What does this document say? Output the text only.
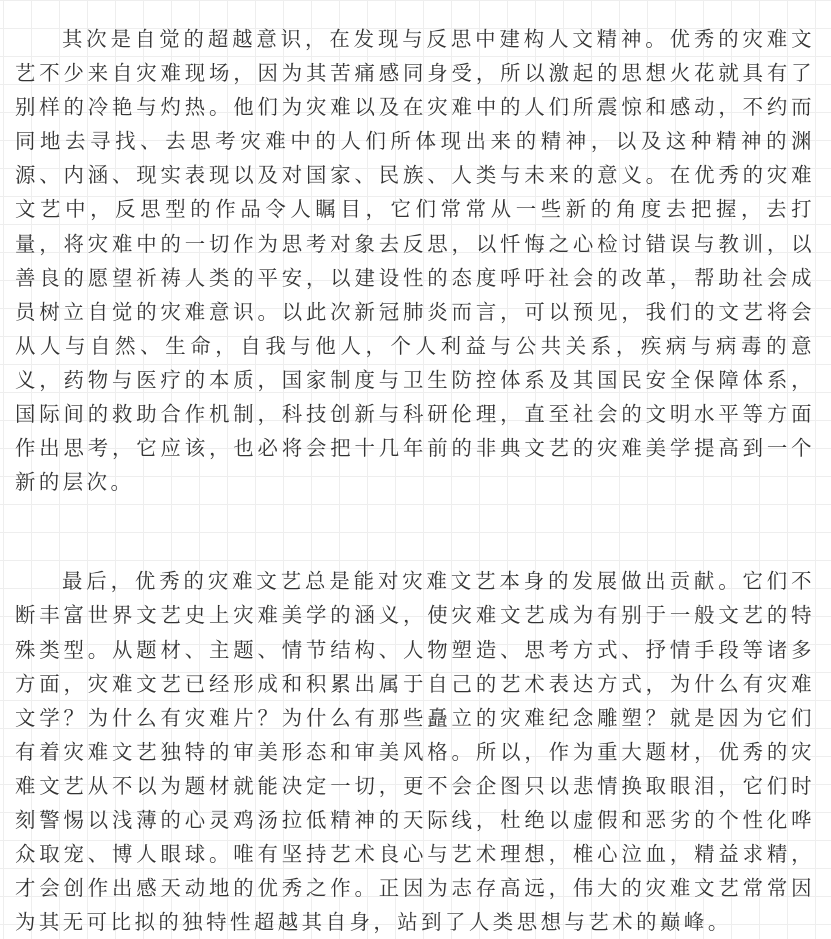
其次是自觉的超越意识，在发现与反思中建构人文精神。优秀的灾难文艺不少来自灾难现场，因为其苦痛感同身受，所以激起的思想火花就具有了别样的冷艳与灼热。他们为灾难以及在灾难中的人们所震惊和感动，不约而同地去寻找、去思考灾难中的人们所体现出来的精神，以及这种精神的渊源、内涵、现实表现以及对国家、民族、人类与未来的意义。在优秀的灾难文艺中，反思型的作品令人瞩目，它们常常从一些新的角度去把握，去打量，将灾难中的一切作为思考对象去反思，以忏悔之心检讨错误与教训，以善良的愿望祈祷人类的平安，以建设性的态度呼吁社会的改革，帮助社会成员树立自觉的灾难意识。以此次新冠肺炎而言，可以预见，我们的文艺将会从人与自然、生命，自我与他人，个人利益与公共关系，疾病与病毒的意义，药物与医疗的本质，国家制度与卫生防控体系及其国民安全保障体系，国际间的救助合作机制，科技创新与科研伦理，直至社会的文明水平等方面作出思考，它应该，也必将会把十几年前的非典文艺的灾难美学提高到一个新的层次。

最后，优秀的灾难文艺总是能对灾难文艺本身的发展做出贡献。它们不断丰富世界文艺史上灾难美学的涵义，使灾难文艺成为有别于一般文艺的特殊类型。从题材、主题、情节结构、人物塑造、思考方式、抒情手段等诸多方面，灾难文艺已经形成和积累出属于自己的艺术表达方式，为什么有灾难文学？为什么有灾难片？为什么有那些矗立的灾难纪念雕塑？就是因为它们有着灾难文艺独特的审美形态和审美风格。所以，作为重大题材，优秀的灾难文艺从不以为题材就能决定一切，更不会企图只以悲情换取眼泪，它们时刻警惕以浅薄的心灵鸡汤拉低精神的天际线，杜绝以虚假和恶劣的个性化哗众取宠、博人眼球。唯有坚持艺术良心与艺术理想，椎心泣血，精益求精，才会创作出感天动地的优秀之作。正因为志存高远，伟大的灾难文艺常常因为其无可比拟的独特性超越其自身，站到了人类思想与艺术的巅峰。
